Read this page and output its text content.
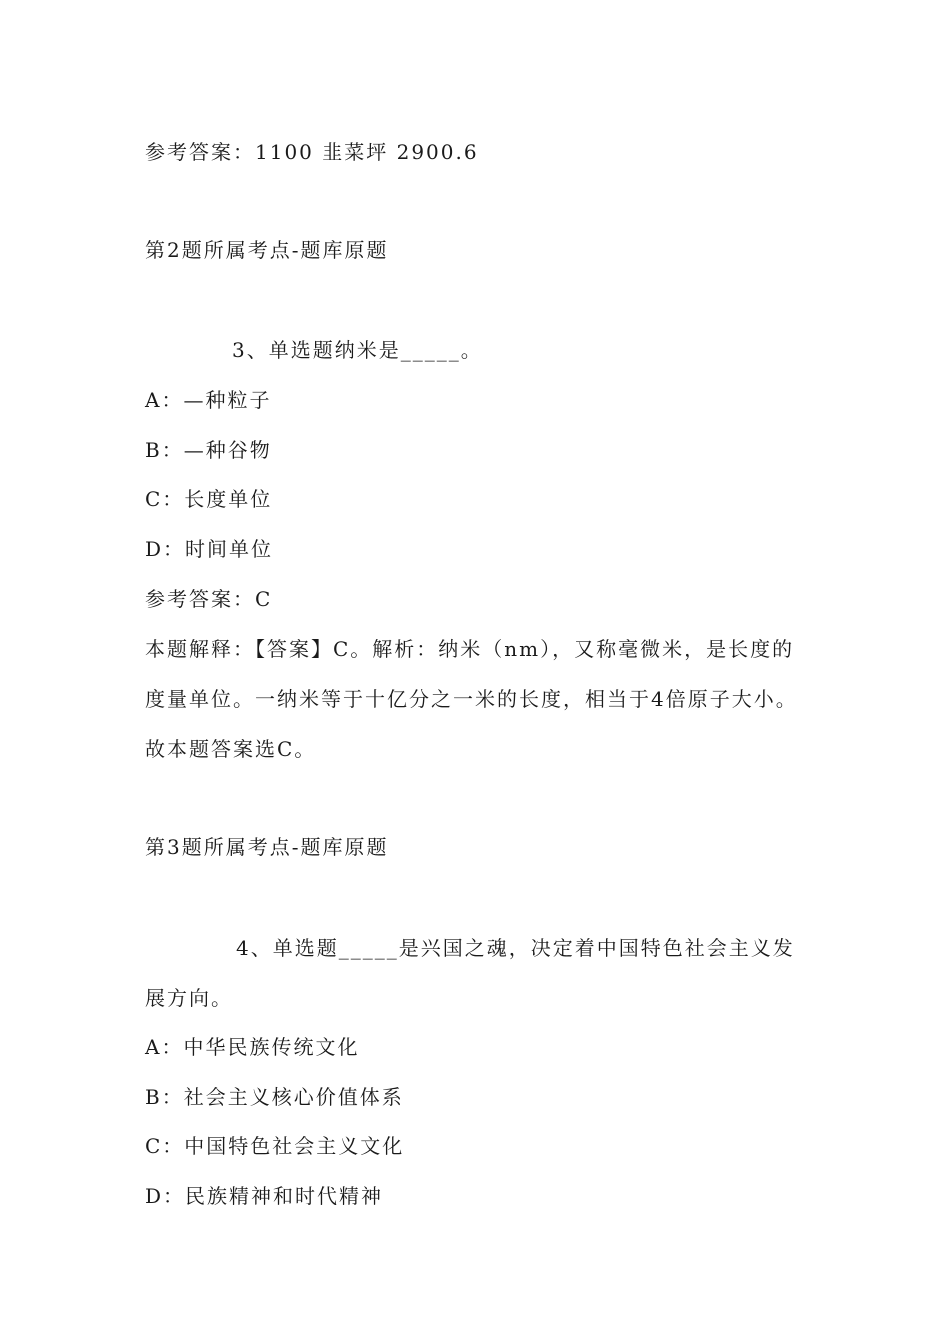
参考答案：1100 韭菜坪 2900.6
第2题所属考点-题库原题
3、单选题纳米是_____。
A：—种粒子
B：—种谷物
C：长度单位
D：时间单位
参考答案：C
本题解释：【答案】C。解析：纳米（nm），又称毫微米，是长度的
度量单位。一纳米等于十亿分之一米的长度，相当于4倍原子大小。
故本题答案选C。
第3题所属考点-题库原题
4、单选题_____是兴国之魂，决定着中国特色社会主义发
展方向。
A：中华民族传统文化
B：社会主义核心价值体系
C：中国特色社会主义文化
D：民族精神和时代精神
